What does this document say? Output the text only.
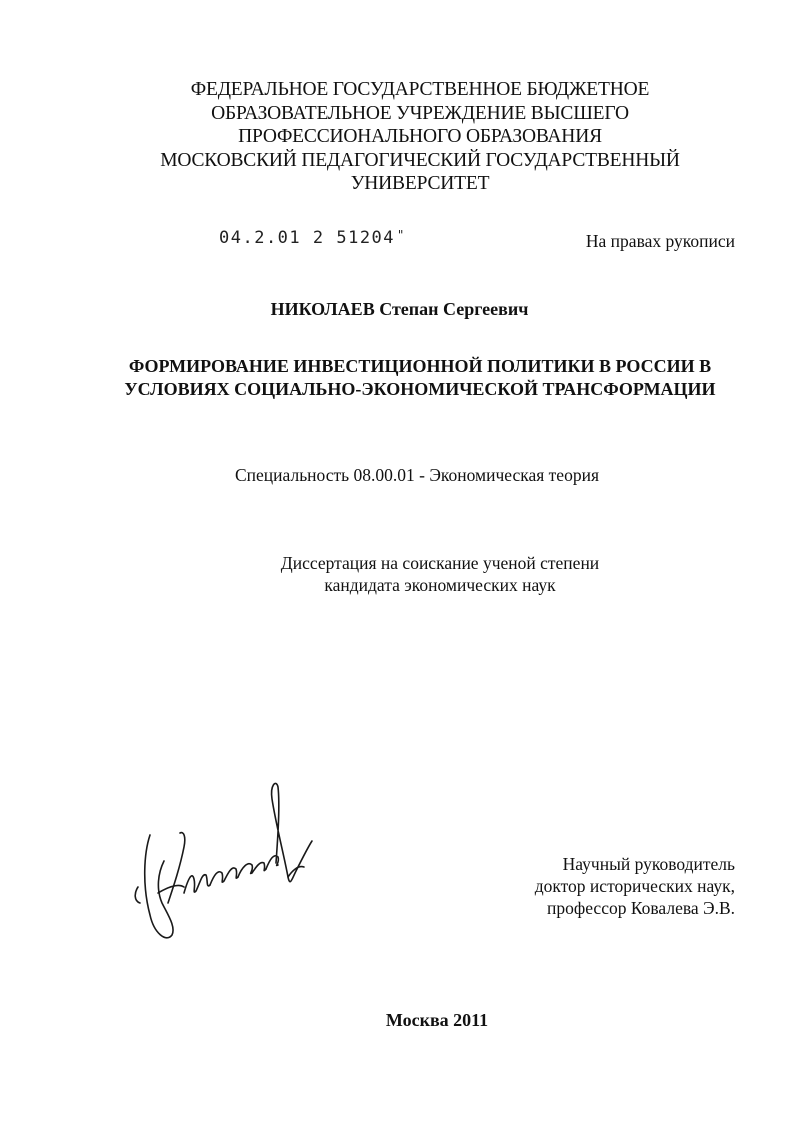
ФЕДЕРАЛЬНОЕ ГОСУДАРСТВЕННОЕ БЮДЖЕТНОЕ
ОБРАЗОВАТЕЛЬНОЕ УЧРЕЖДЕНИЕ ВЫСШЕГО
ПРОФЕССИОНАЛЬНОГО ОБРАЗОВАНИЯ
МОСКОВСКИЙ ПЕДАГОГИЧЕСКИЙ ГОСУДАРСТВЕННЫЙ
УНИВЕРСИТЕТ
04.2.01 2 51204 "	На правах рукописи
НИКОЛАЕВ Степан Сергеевич
ФОРМИРОВАНИЕ ИНВЕСТИЦИОННОЙ ПОЛИТИКИ В РОССИИ В
УСЛОВИЯХ СОЦИАЛЬНО-ЭКОНОМИЧЕСКОЙ ТРАНСФОРМАЦИИ
Специальность 08.00.01 - Экономическая теория
Диссертация на соискание ученой степени
кандидата экономических наук
Научный руководитель
доктор исторических наук,
профессор Ковалева Э.В.
Москва 2011
